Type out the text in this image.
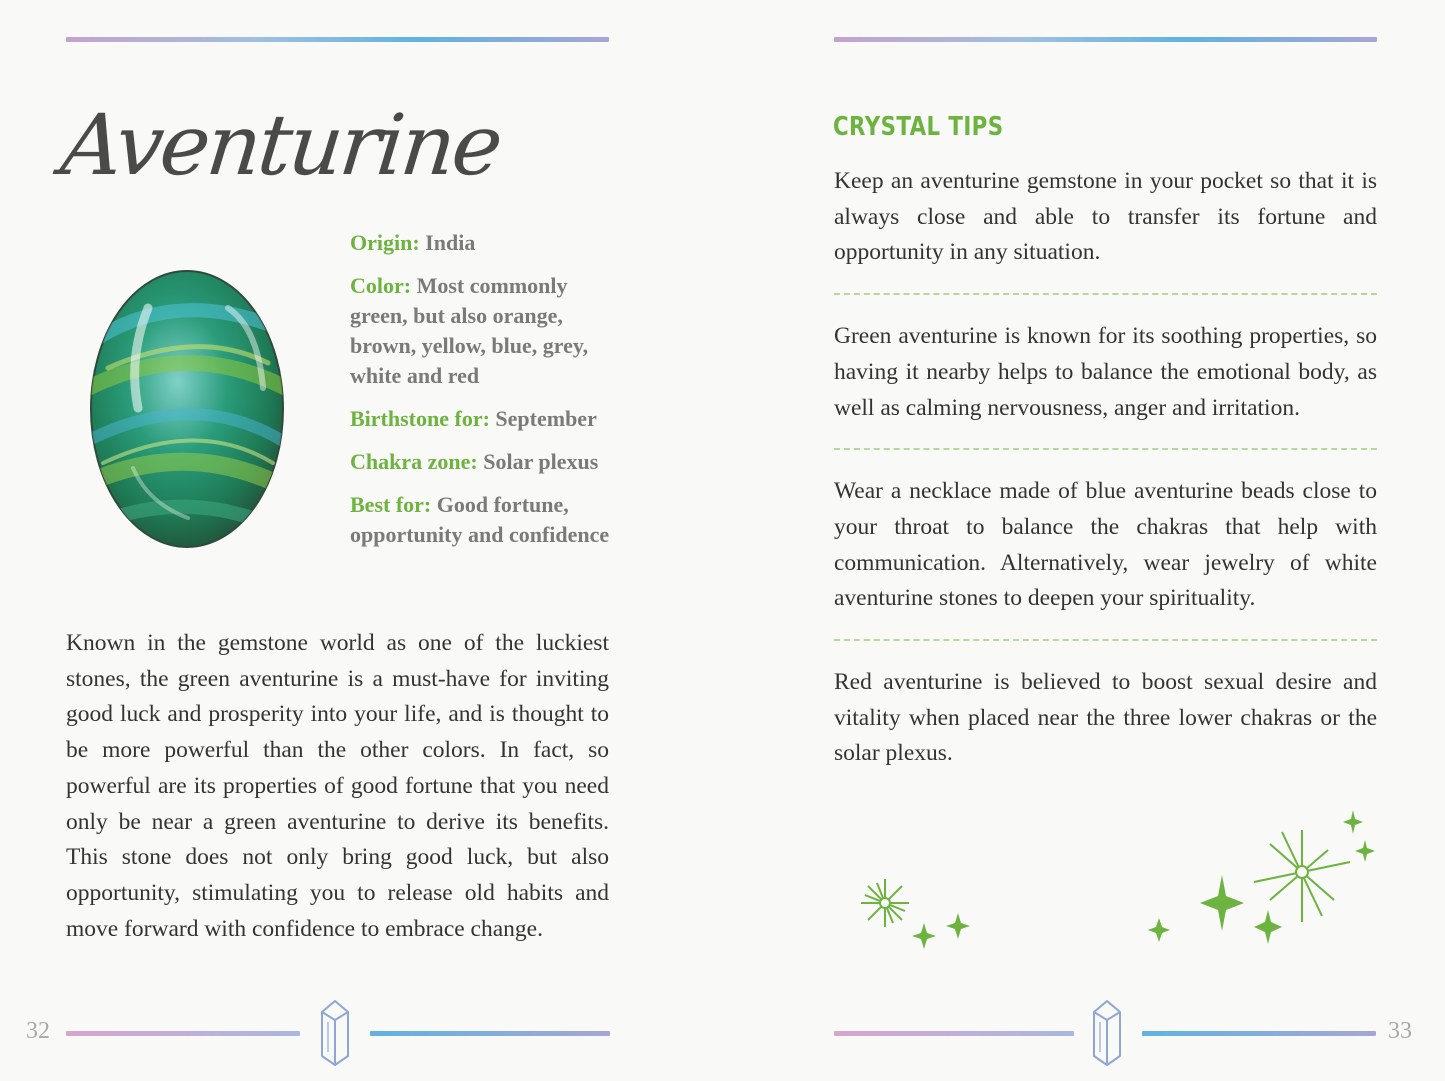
Aventurine

Origin: India

Color: Most commonly green, but also orange, brown, yellow, blue, grey, white and red

Birthstone for: September

Chakra zone: Solar plexus

Best for: Good fortune, opportunity and confidence

Known in the gemstone world as one of the luckiest stones, the green aventurine is a must-have for inviting good luck and prosperity into your life, and is thought to be more powerful than the other colors. In fact, so powerful are its properties of good fortune that you need only be near a green aventurine to derive its benefits. This stone does not only bring good luck, but also opportunity, stimulating you to release old habits and move forward with confidence to embrace change.

32
CRYSTAL TIPS

Keep an aventurine gemstone in your pocket so that it is always close and able to transfer its fortune and opportunity in any situation.

Green aventurine is known for its soothing properties, so having it nearby helps to balance the emotional body, as well as calming nervousness, anger and irritation.

Wear a necklace made of blue aventurine beads close to your throat to balance the chakras that help with communication. Alternatively, wear jewelry of white aventurine stones to deepen your spirituality.

Red aventurine is believed to boost sexual desire and vitality when placed near the three lower chakras or the solar plexus.

33
